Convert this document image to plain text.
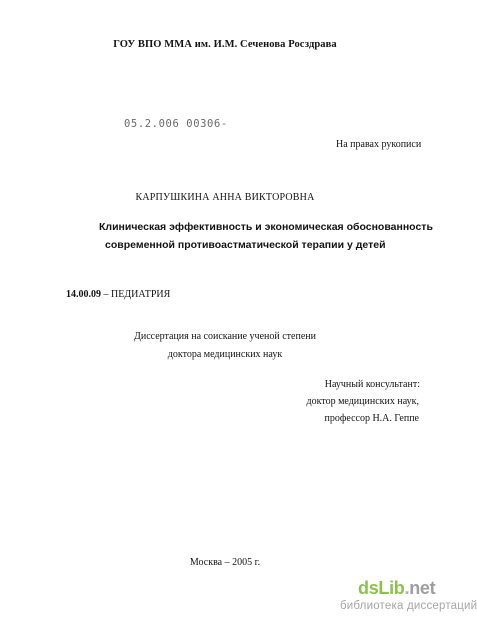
ГОУ ВПО ММА им. И.М. Сеченова Росздрава
05.2.006 00306-
На правах рукописи
КАРПУШКИНА АННА ВИКТОРОВНА
Клиническая эффективность и экономическая обоснованность
современной противоастматической терапии у детей
14.00.09 – ПЕДИАТРИЯ
Диссертация на соискание ученой степени
доктора медицинских наук
Научный консультант:
доктор медицинских наук,
профессор Н.А. Геппе
Москва – 2005 г.
dsLib.net
библиотека диссертаций
